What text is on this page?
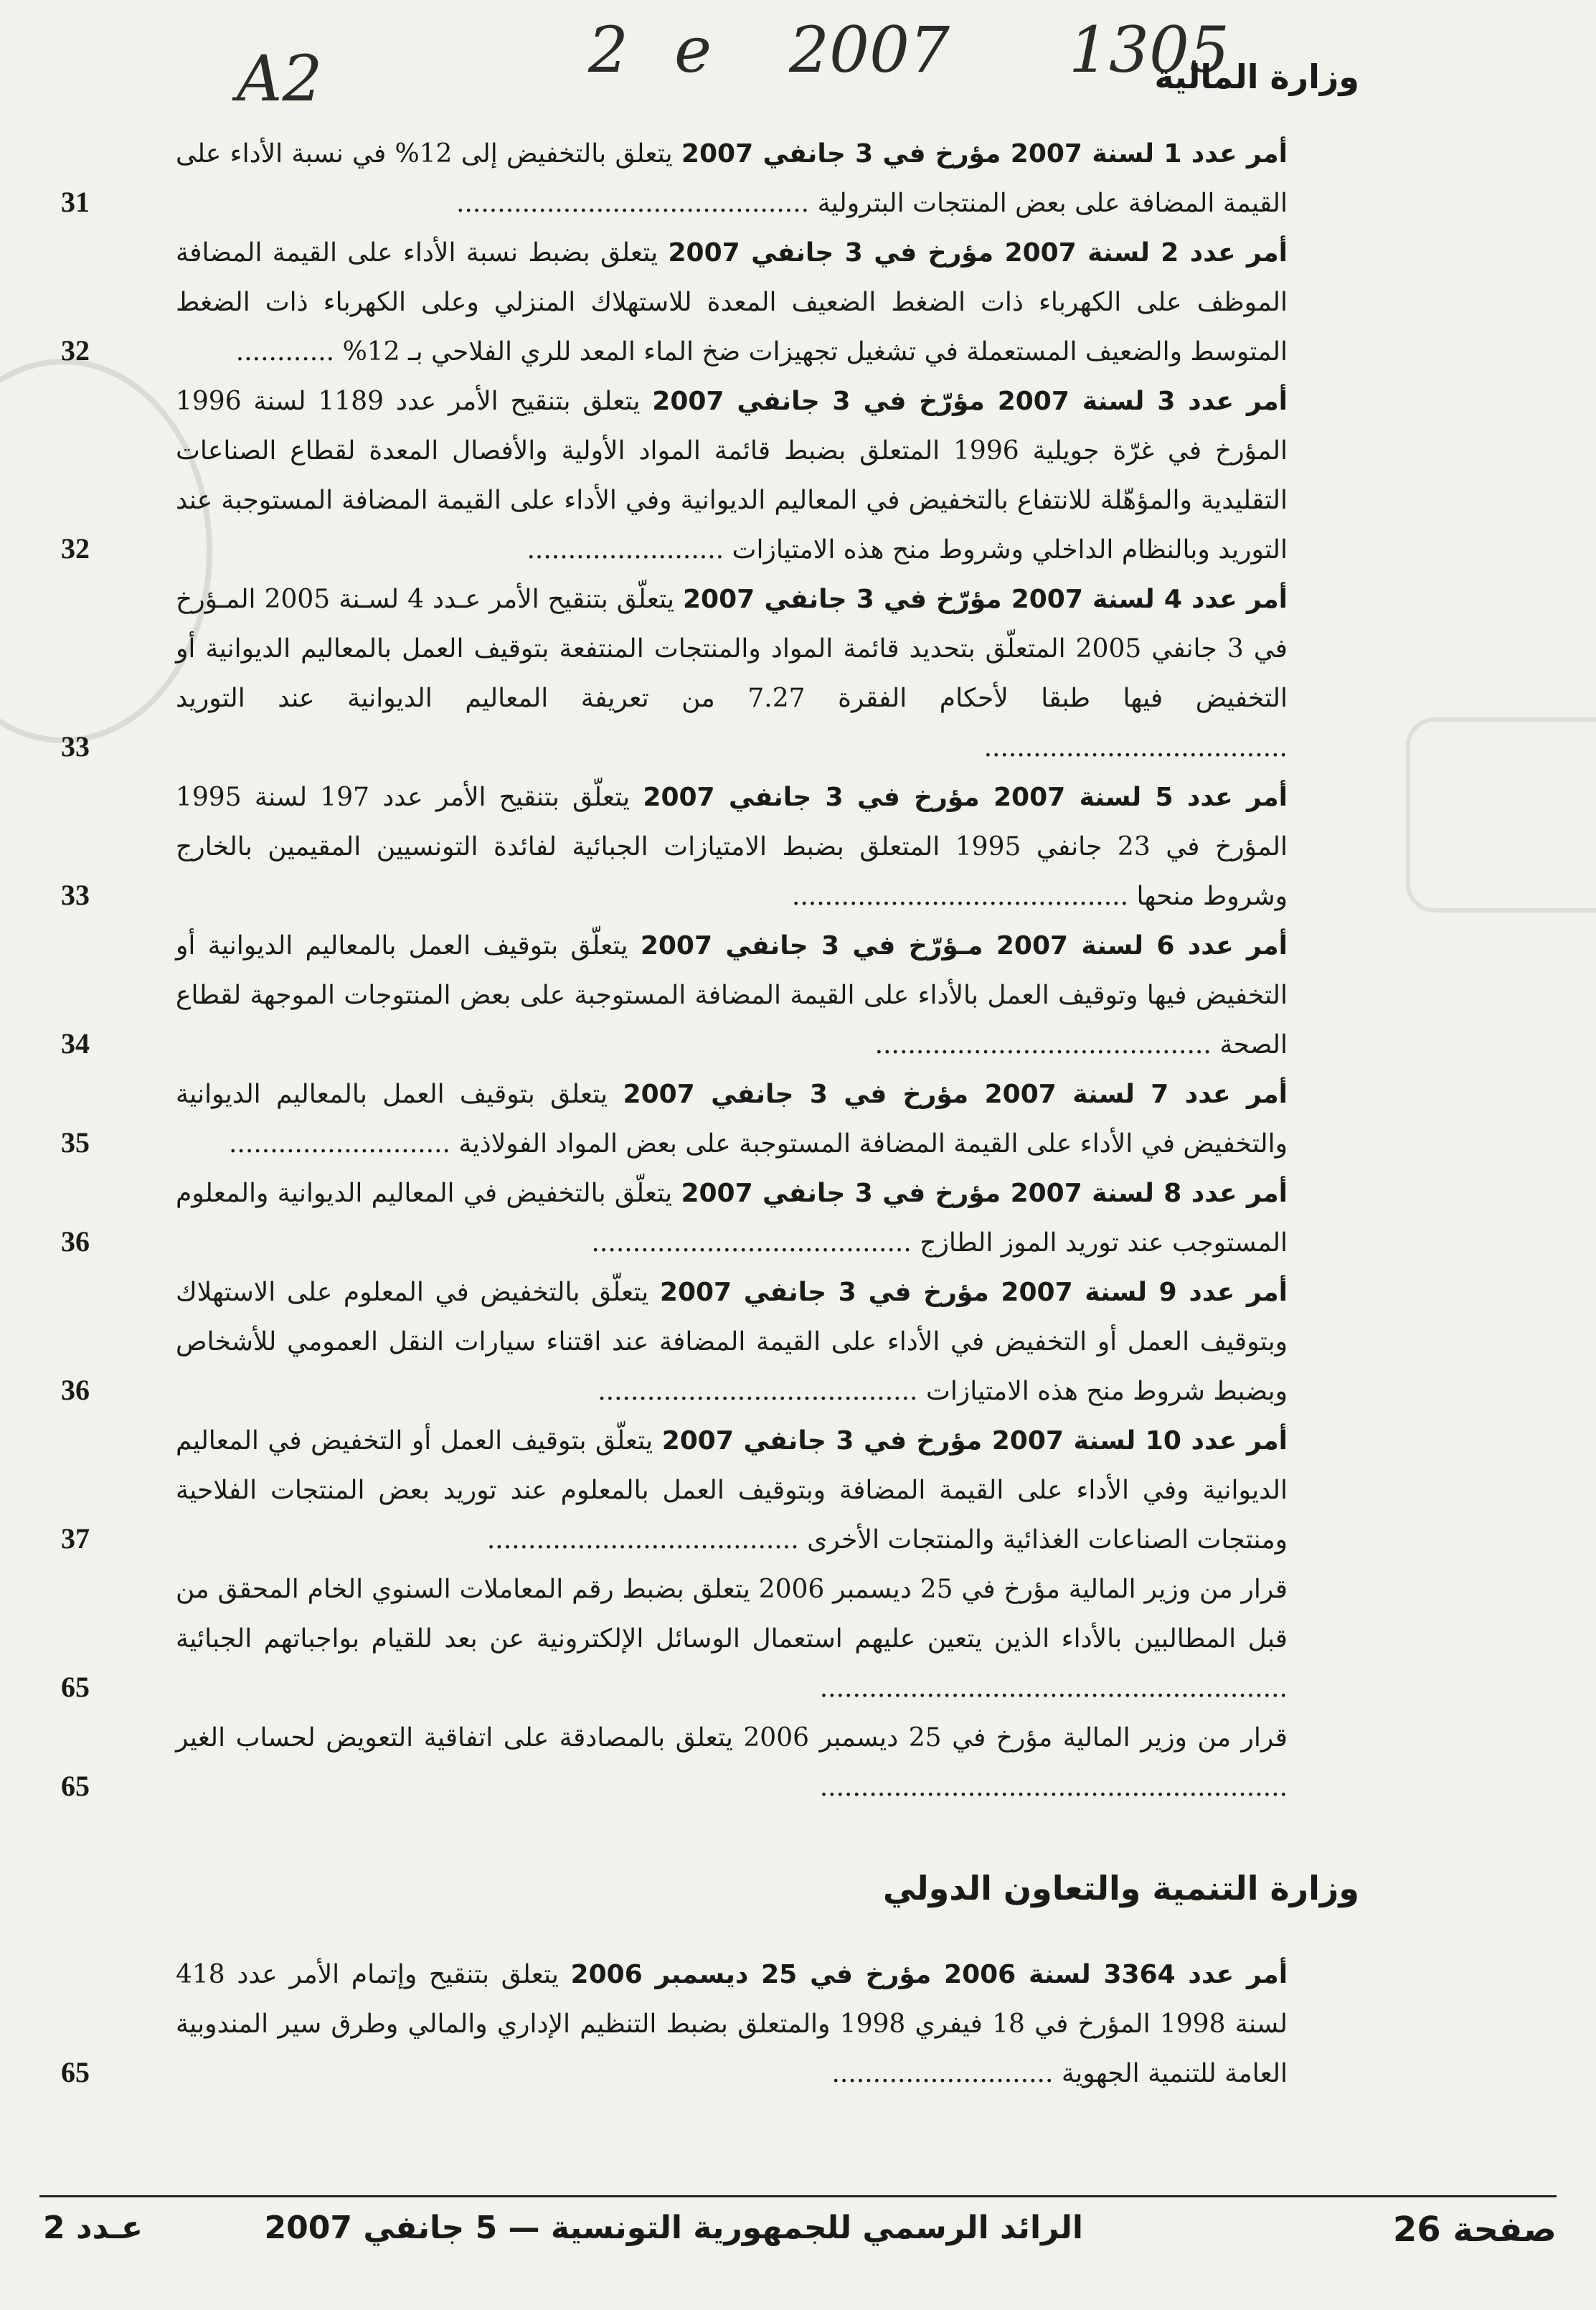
A2	2 e 2007 1305
وزارة المالية

أمر عدد 1 لسنة 2007 مؤرخ في 3 جانفي 2007 يتعلق بالتخفيض إلى 12% في نسبة الأداء على القيمة المضافة على بعض المنتجات البترولية ...........................................

31

أمر عدد 2 لسنة 2007 مؤرخ في 3 جانفي 2007 يتعلق بضبط نسبة الأداء على القيمة المضافة الموظف على الكهرباء ذات الضغط الضعيف المعدة للاستهلاك المنزلي وعلى الكهرباء ذات الضغط المتوسط والضعيف المستعملة في تشغيل تجهيزات ضخ الماء المعد للري الفلاحي بـ 12% ............

32

أمر عدد 3 لسنة 2007 مؤرّخ في 3 جانفي 2007 يتعلق بتنقيح الأمر عدد 1189 لسنة 1996 المؤرخ في غرّة جويلية 1996 المتعلق بضبط قائمة المواد الأولية والأفصال المعدة لقطاع الصناعات التقليدية والمؤهّلة للانتفاع بالتخفيض في المعاليم الديوانية وفي الأداء على القيمة المضافة المستوجبة عند التوريد وبالنظام الداخلي وشروط منح هذه الامتيازات ........................

32

أمر عدد 4 لسنة 2007 مؤرّخ في 3 جانفي 2007 يتعلّق بتنقيح الأمر عـدد 4 لسـنة 2005 المـؤرخ في 3 جانفي 2005 المتعلّق بتحديد قائمة المواد والمنتجات المنتفعة بتوقيف العمل بالمعاليم الديوانية أو التخفيض فيها طبقا لأحكام الفقرة 7.27 من تعريفة المعاليم الديوانية عند التوريد .....................................

33

أمر عدد 5 لسنة 2007 مؤرخ في 3 جانفي 2007 يتعلّق بتنقيح الأمر عدد 197 لسنة 1995 المؤرخ في 23 جانفي 1995 المتعلق بضبط الامتيازات الجبائية لفائدة التونسيين المقيمين بالخارج وشروط منحها .........................................

33

أمر عدد 6 لسنة 2007 مـؤرّخ في 3 جانفي 2007 يتعلّق بتوقيف العمل بالمعاليم الديوانية أو التخفيض فيها وتوقيف العمل بالأداء على القيمة المضافة المستوجبة على بعض المنتوجات الموجهة لقطاع الصحة .........................................

34

أمر عدد 7 لسنة 2007 مؤرخ في 3 جانفي 2007 يتعلق بتوقيف العمل بالمعاليم الديوانية والتخفيض في الأداء على القيمة المضافة المستوجبة على بعض المواد الفولاذية ...........................

35

أمر عدد 8 لسنة 2007 مؤرخ في 3 جانفي 2007 يتعلّق بالتخفيض في المعاليم الديوانية والمعلوم المستوجب عند توريد الموز الطازج .......................................

36

أمر عدد 9 لسنة 2007 مؤرخ في 3 جانفي 2007 يتعلّق بالتخفيض في المعلوم على الاستهلاك وبتوقيف العمل أو التخفيض في الأداء على القيمة المضافة عند اقتناء سيارات النقل العمومي للأشخاص وبضبط شروط منح هذه الامتيازات .......................................

36

أمر عدد 10 لسنة 2007 مؤرخ في 3 جانفي 2007 يتعلّق بتوقيف العمل أو التخفيض في المعاليم الديوانية وفي الأداء على القيمة المضافة وبتوقيف العمل بالمعلوم عند توريد بعض المنتجات الفلاحية ومنتجات الصناعات الغذائية والمنتجات الأخرى ......................................

37

قرار من وزير المالية مؤرخ في 25 ديسمبر 2006 يتعلق بضبط رقم المعاملات السنوي الخام المحقق من قبل المطالبين بالأداء الذين يتعين عليهم استعمال الوسائل الإلكترونية عن بعد للقيام بواجباتهم الجبائية .........................................................

65

قرار من وزير المالية مؤرخ في 25 ديسمبر 2006 يتعلق بالمصادقة على اتفاقية التعويض لحساب الغير .........................................................

65
وزارة التنمية والتعاون الدولي

أمر عدد 3364 لسنة 2006 مؤرخ في 25 ديسمبر 2006 يتعلق بتنقيح وإتمام الأمر عدد 418 لسنة 1998 المؤرخ في 18 فيفري 1998 والمتعلق بضبط التنظيم الإداري والمالي وطرق سير المندوبية العامة للتنمية الجهوية ...........................

65
عـدد 2	الرائد الرسمي للجمهورية التونسية — 5 جانفي 2007	صفحة 26
